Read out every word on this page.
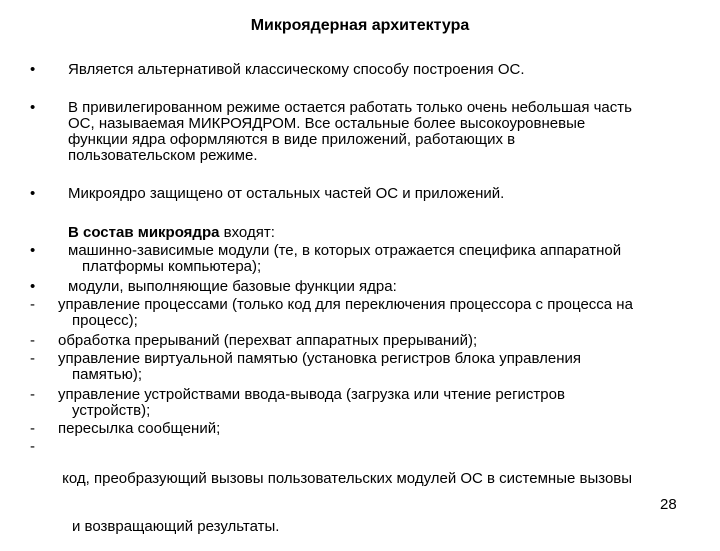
Микроядерная архитектура
• Является альтернативой классическому способу построения ОС.
• В привилегированном режиме остается работать только очень небольшая часть
ОС, называемая МИКРОЯДРОМ. Все остальные более высокоуровневые
функции ядра оформляются в виде приложений, работающих в
пользовательском режиме.
• Микроядро защищено от остальных частей ОС и приложений.
В состав микроядра входят:
• машинно-зависимые модули (те, в которых отражается специфика аппаратной
платформы компьютера);
• модули, выполняющие базовые функции ядра:
- управление процессами (только код для переключения процессора с процесса на
процесс);
- обработка прерываний (перехват аппаратных прерываний);
- управление виртуальной памятью (установка регистров блока управления
памятью);
- управление устройствами ввода-вывода (загрузка или чтение регистров
устройств);
- пересылка сообщений;
-

код, преобразующий вызовы пользовательских модулей ОС в системные вызовы

и возвращающий результаты.

28
